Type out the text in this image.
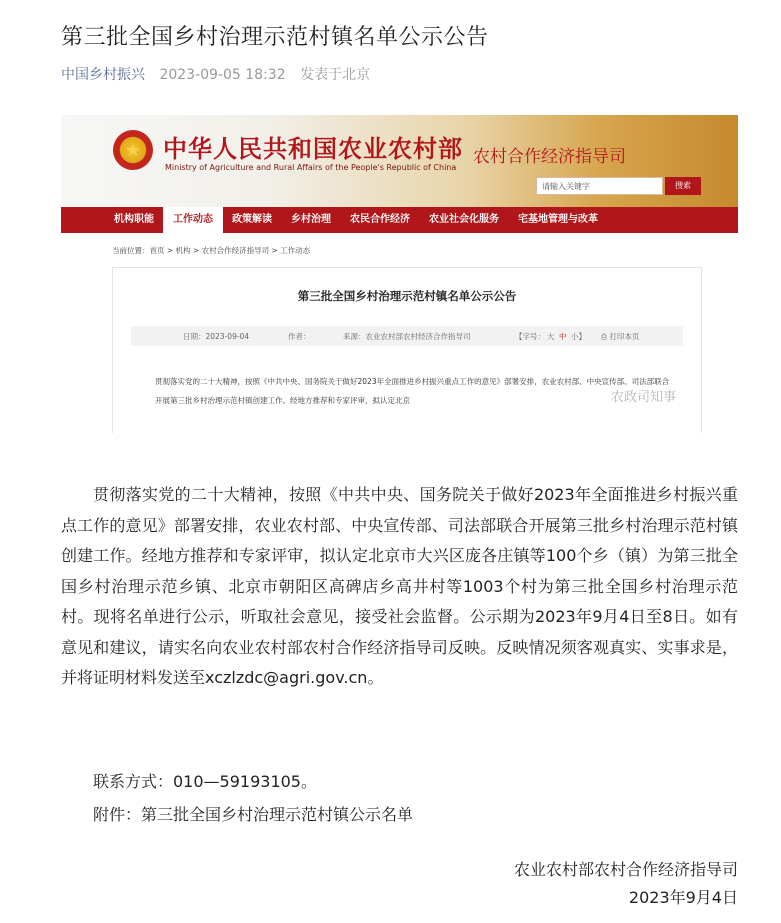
第三批全国乡村治理示范村镇名单公示公告
中国乡村振兴 2023-09-05 18:32 发表于北京
★ 中华人民共和国农业农村部
Ministry of Agriculture and Rural Affairs of the People's Republic of China
农村合作经济指导司
请输入关键字	搜索
机构职能	工作动态	政策解读 乡村治理 农民合作经济 农业社会化服务 宅基地管理与改革
当前位置：首页 > 机构 > 农村合作经济指导司 > 工作动态
第三批全国乡村治理示范村镇名单公示公告
日期：2023-09-04	作者：	来源：农业农村部农村经济合作指导司	【字号： 大 中 小】 ⎙ 打印本页
贯彻落实党的二十大精神，按照《中共中央、国务院关于做好2023年全面推进乡村振兴重点工作的意见》部署安排，农业农村部、中央宣传部、司法部联合开展第三批乡村治理示范村镇创建工作。经地方推荐和专家评审，拟认定北京	农政司知事

贯彻落实党的二十大精神，按照《中共中央、国务院关于做好2023年全面推进乡村振兴重点工作的意见》部署安排，农业农村部、中央宣传部、司法部联合开展第三批乡村治理示范村镇创建工作。经地方推荐和专家评审，拟认定北京市大兴区庞各庄镇等100个乡（镇）为第三批全国乡村治理示范乡镇、北京市朝阳区高碑店乡高井村等1003个村为第三批全国乡村治理示范村。现将名单进行公示，听取社会意见，接受社会监督。公示期为2023年9月4日至8日。如有意见和建议，请实名向农业农村部农村合作经济指导司反映。反映情况须客观真实、实事求是，并将证明材料发送至xczlzdc@agri.gov.cn。

联系方式：010—59193105。
附件：第三批全国乡村治理示范村镇公示名单
农业农村部农村合作经济指导司
2023年9月4日
